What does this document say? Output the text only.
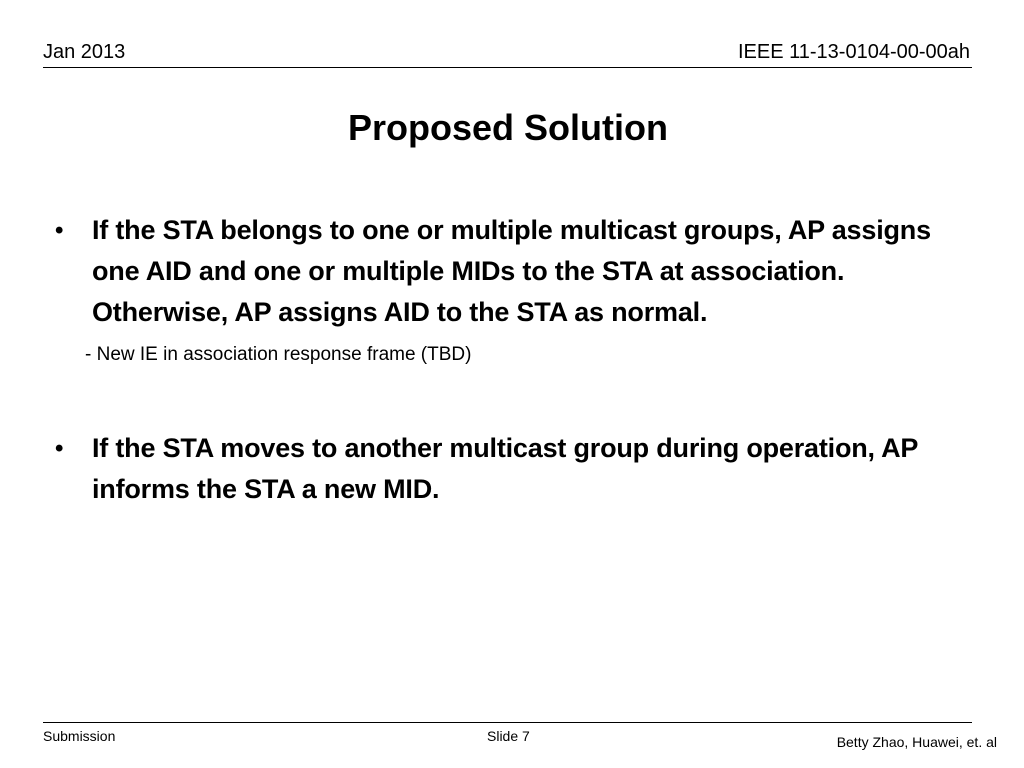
Jan 2013	IEEE 11-13-0104-00-00ah
Proposed Solution
•	If the STA belongs to one or multiple multicast groups, AP assigns one AID and one or multiple MIDs to the STA at association. Otherwise, AP assigns AID to the STA as normal.
- New IE in association response frame (TBD)
•	If the STA moves to another multicast group during operation, AP informs the STA a new MID.
Submission	Slide 7	Betty Zhao, Huawei, et. al
